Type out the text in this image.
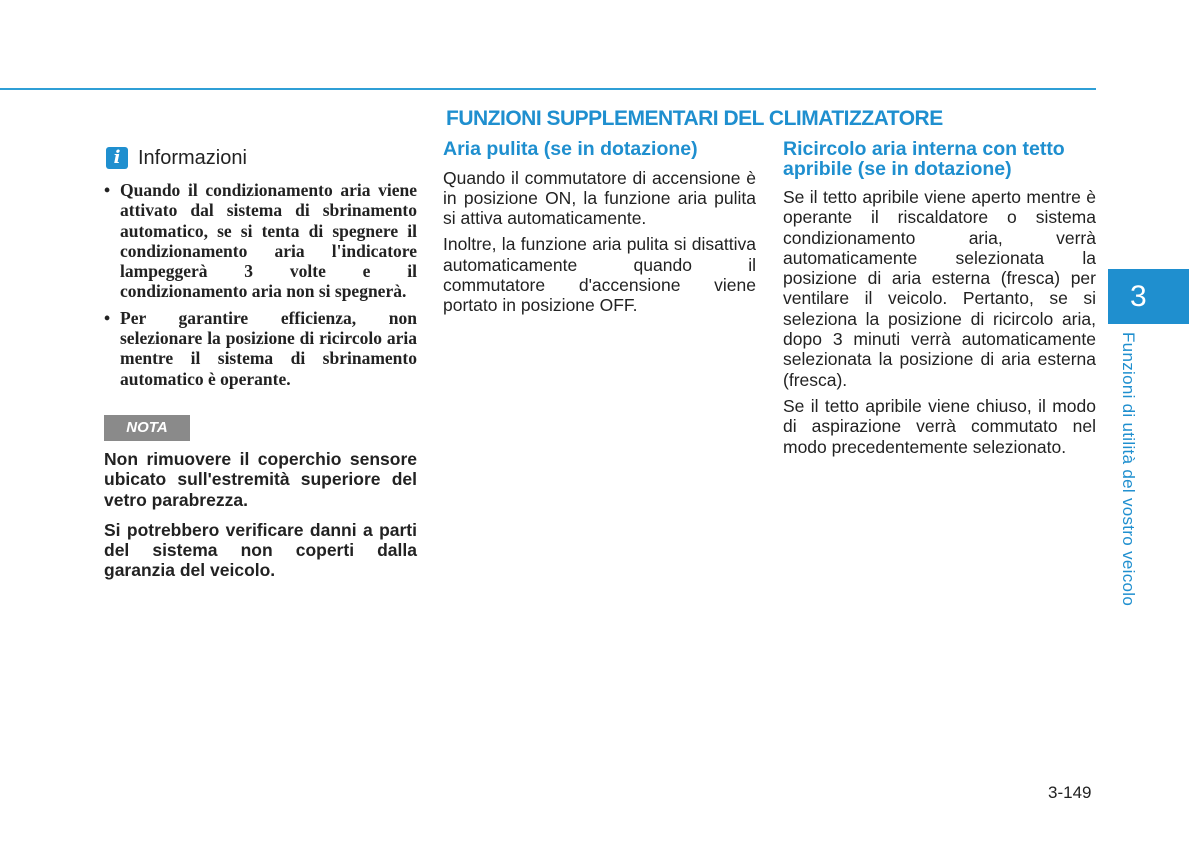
FUNZIONI SUPPLEMENTARI DEL CLIMATIZZATORE
i Informazioni
• Quando il condizionamento aria viene attivato dal sistema di sbrinamento automatico, se si tenta di spegnere il condizionamento aria l'indicatore lampeggerà 3 volte e il condizionamento aria non si spegnerà.
• Per garantire efficienza, non selezionare la posizione di ricircolo aria mentre il sistema di sbrinamento automatico è operante.
NOTA

Non rimuovere il coperchio sensore ubicato sull'estremità superiore del vetro parabrezza.

Si potrebbero verificare danni a parti del sistema non coperti dalla garanzia del veicolo.

Aria pulita (se in dotazione)

Quando il commutatore di accensione è in posizione ON, la funzione aria pulita si attiva automaticamente.

Inoltre, la funzione aria pulita si disattiva automaticamente quando il commutatore d'accensione viene portato in posizione OFF.

Ricircolo aria interna con tetto apribile (se in dotazione)

Se il tetto apribile viene aperto mentre è operante il riscaldatore o sistema condizionamento aria, verrà automaticamente selezionata la posizione di aria esterna (fresca) per ventilare il veicolo. Pertanto, se si seleziona la posizione di ricircolo aria, dopo 3 minuti verrà automaticamente selezionata la posizione di aria esterna (fresca).

Se il tetto apribile viene chiuso, il modo di aspirazione verrà commutato nel modo precedentemente selezionato.

3
Funzioni di utilità del vostro veicolo
3-149
